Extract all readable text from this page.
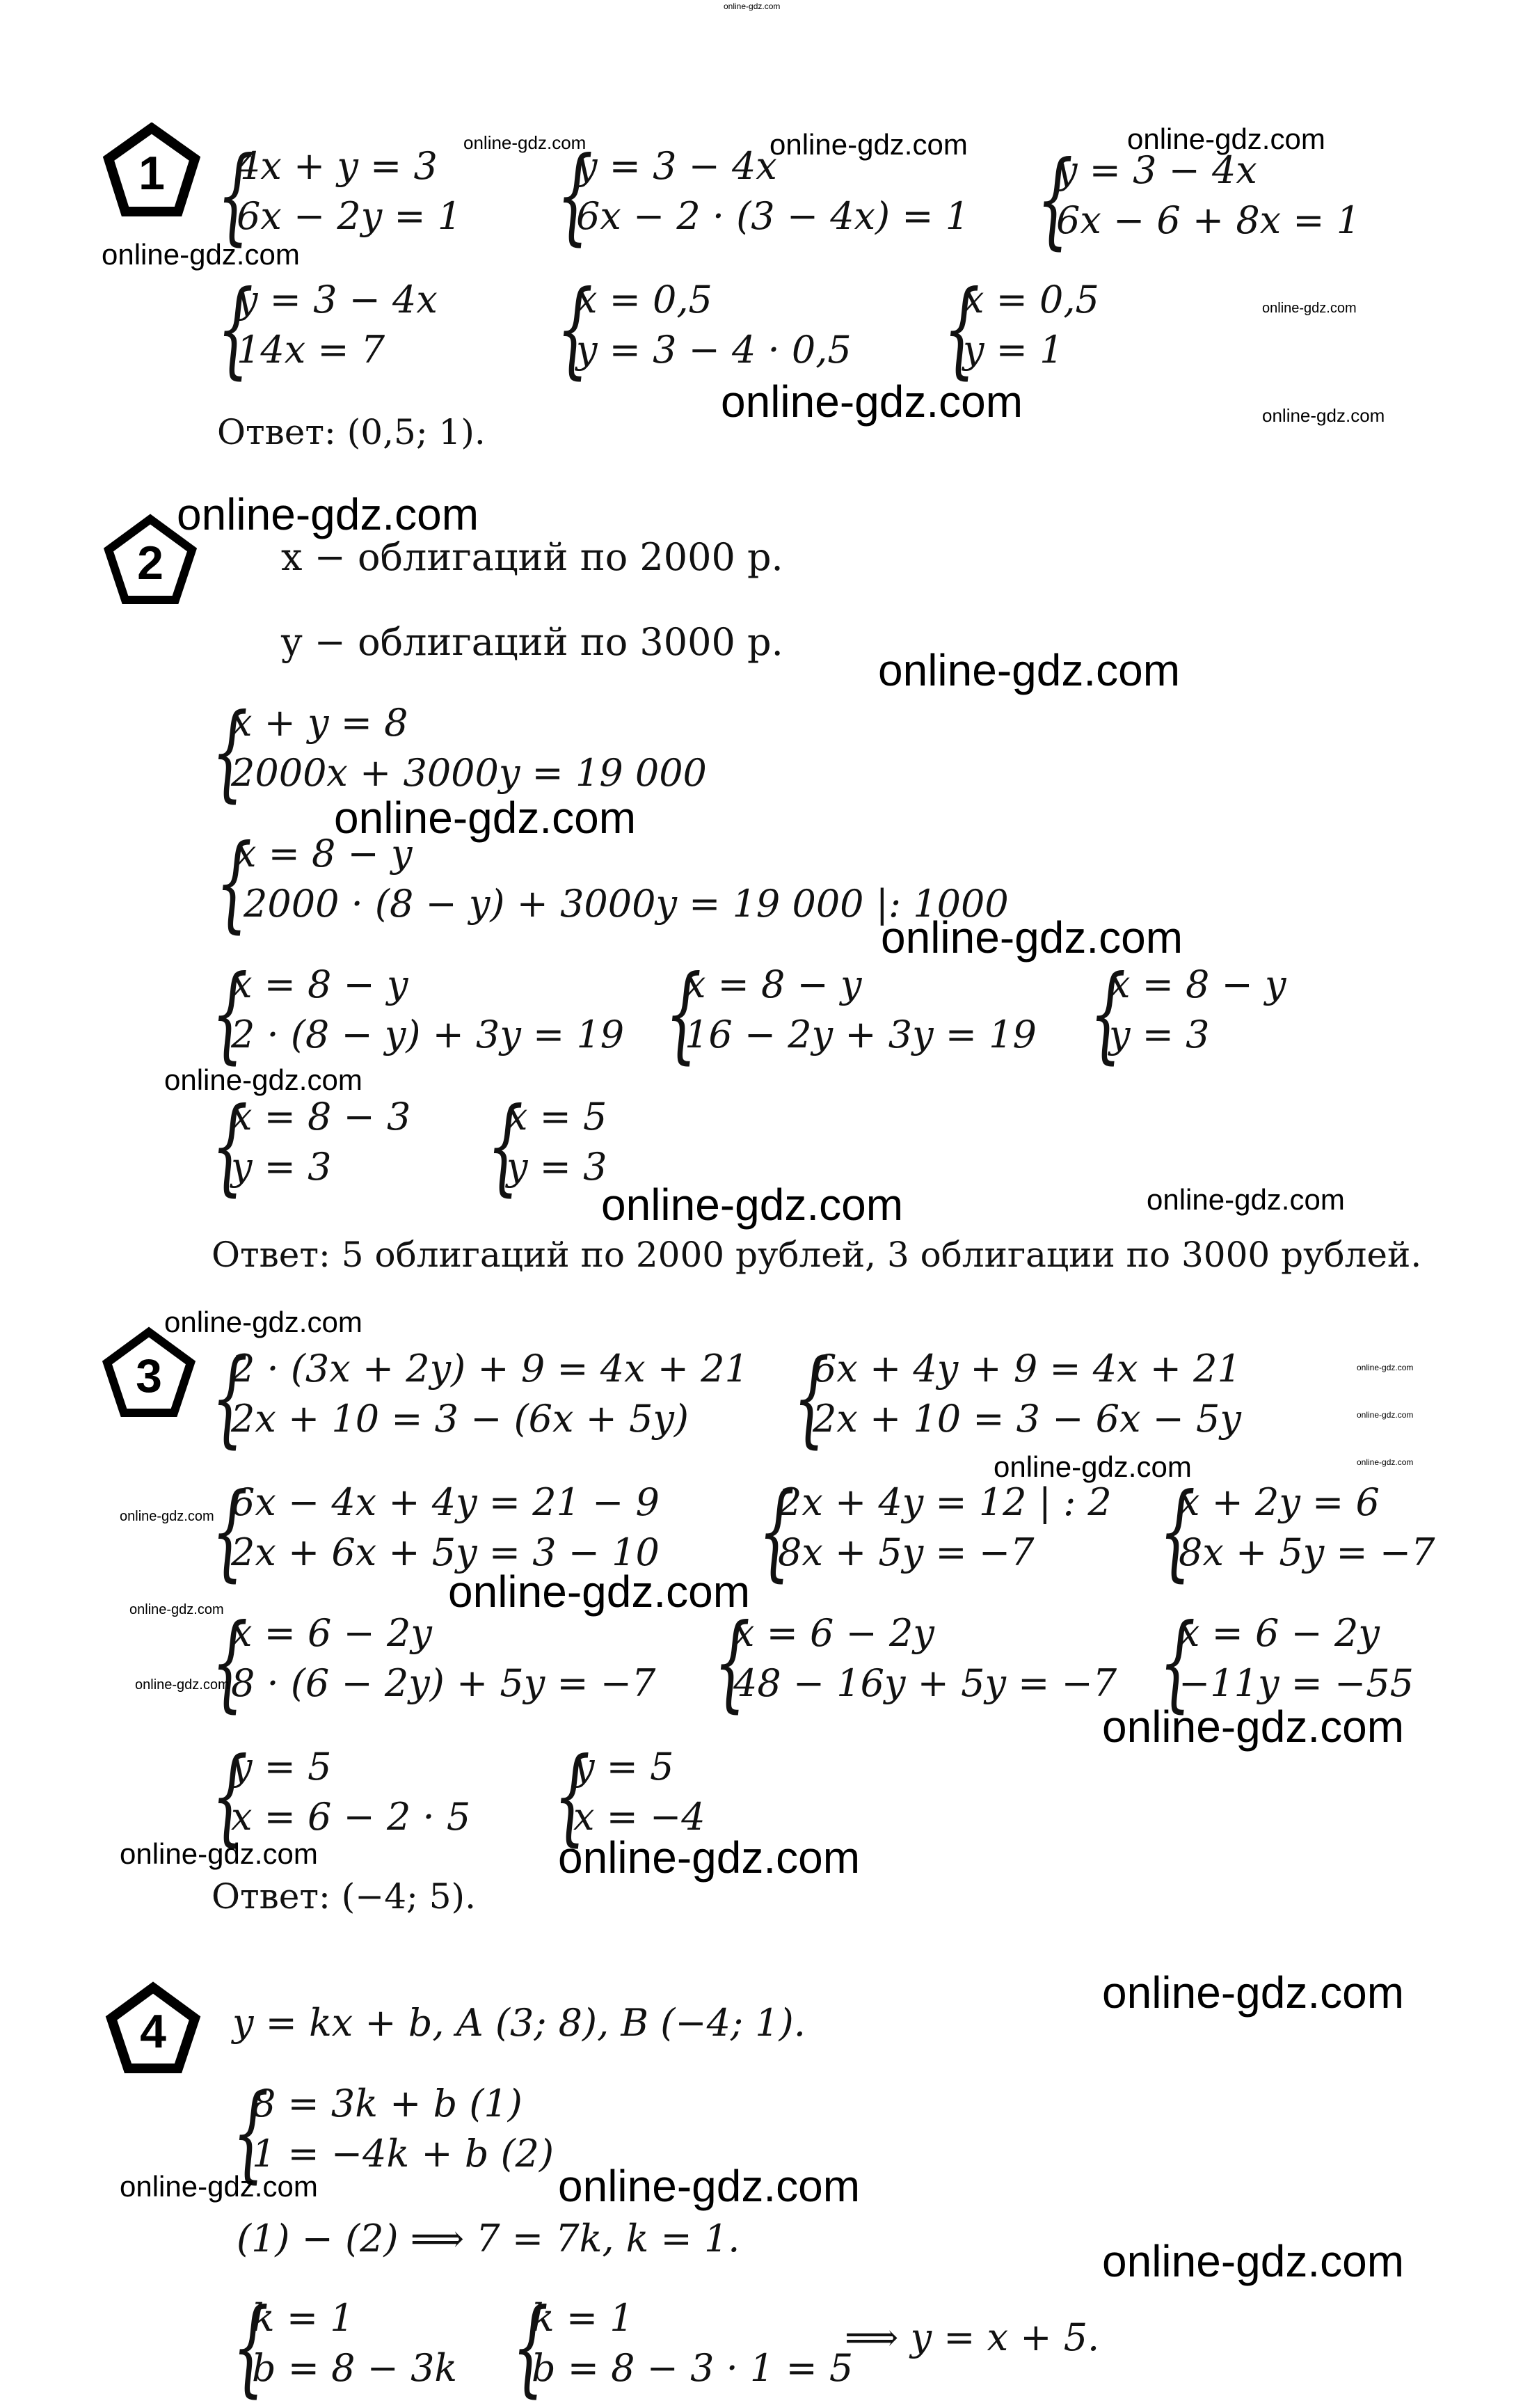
online-gdz.com
1 {
4x + y = 3
6x − 2y = 1 {
y = 3 − 4x
6x − 2 · (3 − 4x) = 1 {
y = 3 − 4x
6x − 6 + 8x = 1
{
y = 3 − 4x
14x = 7 {
x = 0,5
y = 3 − 4 · 0,5 {
x = 0,5
y = 1
Ответ: (0,5; 1).
online-gdz.com	online-gdz.com	online-gdz.com
online-gdz.com
online-gdz.com
online-gdz.com	online-gdz.com
2
online-gdz.com
x − облигаций по 2000 р.
y − облигаций по 3000 р.
online-gdz.com
{
x + y = 8
2000x + 3000y = 19 000
online-gdz.com
{
x = 8 − y
2000 · (8 − y) + 3000y = 19 000 |: 1000
online-gdz.com
{
x = 8 − y
2 · (8 − y) + 3y = 19 {
x = 8 − y
16 − 2y + 3y = 19 {
x = 8 − y
y = 3
online-gdz.com
{
x = 8 − 3
y = 3 {
x = 5
y = 3
online-gdz.com	online-gdz.com
Ответ: 5 облигаций по 2000 рублей, 3 облигации по 3000 рублей.
online-gdz.com
3 {
2 · (3x + 2y) + 9 = 4x + 21
2x + 10 = 3 − (6x + 5y) {
6x + 4y + 9 = 4x + 21
2x + 10 = 3 − 6x − 5y
online-gdz.com
online-gdz.com
online-gdz.com
online-gdz.com
online-gdz.com
{
6x − 4x + 4y = 21 − 9
2x + 6x + 5y = 3 − 10 {
2x + 4y = 12 | : 2
8x + 5y = −7 {
x + 2y = 6
8x + 5y = −7
online-gdz.com
online-gdz.com
{
x = 6 − 2y
8 · (6 − 2y) + 5y = −7
online-gdz.com	{
x = 6 − 2y
48 − 16y + 5y = −7 {
x = 6 − 2y
−11y = −55
online-gdz.com
{
y = 5
x = 6 − 2 · 5 {
y = 5
x = −4
online-gdz.com	online-gdz.com
Ответ: (−4; 5).
4
online-gdz.com
y = kx + b, A (3; 8), B (−4; 1).
{
8 = 3k + b (1)
1 = −4k + b (2)
online-gdz.com	online-gdz.com
(1) − (2) ⟹ 7 = 7k, k = 1.	online-gdz.com
{
k = 1
b = 8 − 3k {
k = 1
b = 8 − 3 · 1 = 5
⟹ y = x + 5.
